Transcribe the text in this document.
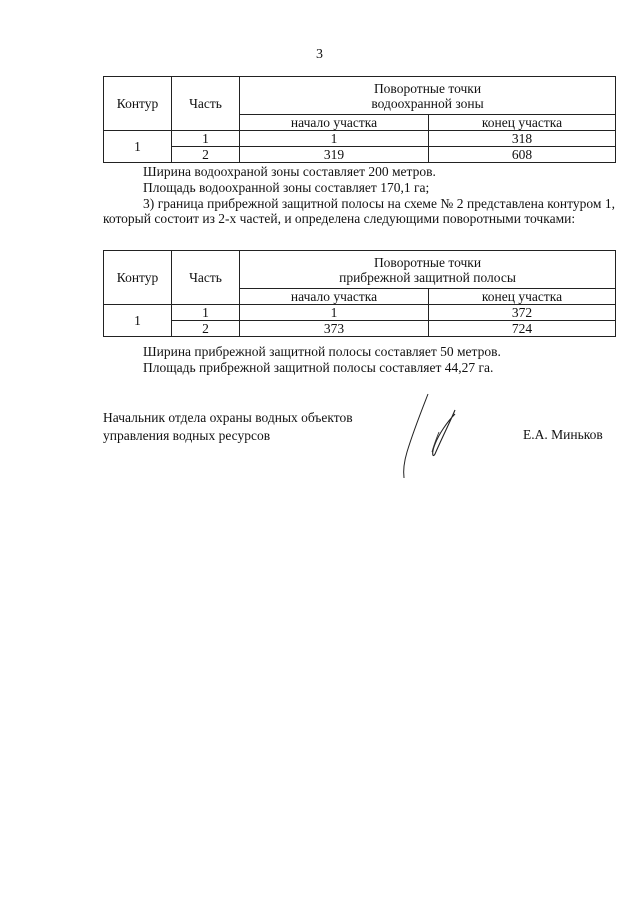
3
Контур	Часть	Поворотные точки
водоохранной зоны	

		начало участка	конец участка
1	1	1	318
	2	319	608

Ширина водоохраной зоны составляет 200 метров.

Площадь водоохранной зоны составляет 170,1 га;

3) граница прибрежной защитной полосы на схеме № 2 представлена контуром 1, который состоит из 2-х частей, и определена следующими поворотными точками:

Контур	Часть	Поворотные точки
прибрежной защитной полосы	

		начало участка	конец участка
1	1	1	372
	2	373	724

Ширина прибрежной защитной полосы составляет 50 метров.

Площадь прибрежной защитной полосы составляет 44,27 га.

Начальник отдела охраны водных объектов
управления водных ресурсов	Е.А. Миньков
